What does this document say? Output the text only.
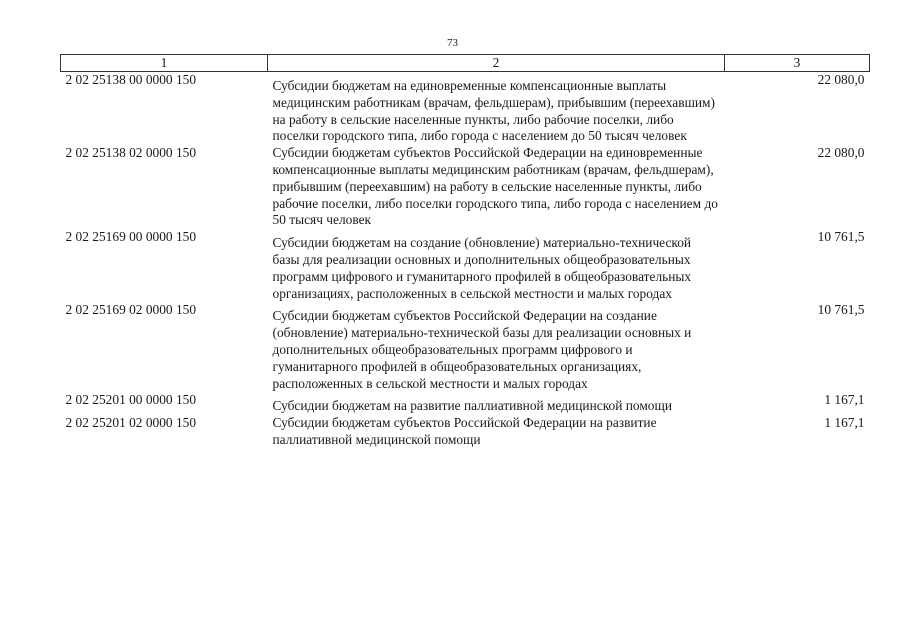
73
1	2	3
2 02 25138 00 0000 150	Субсидии бюджетам на единовременные компенсационные выплаты медицинским работникам (врачам, фельдшерам), прибывшим (переехавшим) на работу в сельские населенные пункты, либо рабочие поселки, либо поселки городского типа, либо города с населением до 50 тысяч человек	22 080,0
2 02 25138 02 0000 150	Субсидии бюджетам субъектов Российской Федерации на единовременные компенсационные выплаты медицинским работникам (врачам, фельдшерам), прибывшим (переехавшим) на работу в сельские населенные пункты, либо рабочие поселки, либо поселки городского типа, либо города с населением до 50 тысяч человек	22 080,0
2 02 25169 00 0000 150	Субсидии бюджетам на создание (обновление) материально-технической базы для реализации основных и дополнительных общеобразовательных программ цифрового и гуманитарного профилей в общеобразовательных организациях, расположенных в сельской местности и малых городах	10 761,5
2 02 25169 02 0000 150	Субсидии бюджетам субъектов Российской Федерации на создание (обновление) материально-технической базы для реализации основных и дополнительных общеобразовательных программ цифрового и гуманитарного профилей в общеобразовательных организациях, расположенных в сельской местности и малых городах	10 761,5
2 02 25201 00 0000 150	Субсидии бюджетам на развитие паллиативной медицинской помощи	1 167,1
2 02 25201 02 0000 150	Субсидии бюджетам субъектов Российской Федерации на развитие паллиативной медицинской помощи	1 167,1
